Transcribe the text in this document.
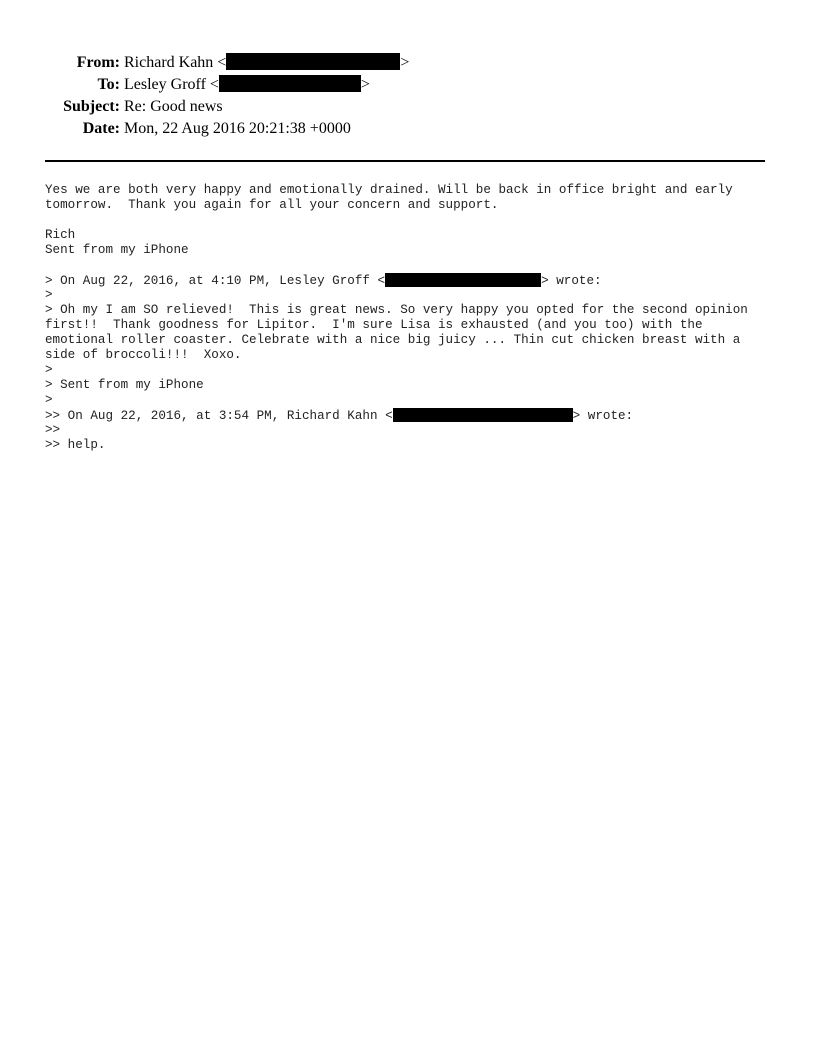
From: Richard Kahn <	>
To: Lesley Groff <	>
Subject: Re: Good news
Date: Mon, 22 Aug 2016 20:21:38 +0000
Yes we are both very happy and emotionally drained. Will be back in office bright and early
tomorrow.  Thank you again for all your concern and support.
Rich
Sent from my iPhone
> On Aug 22, 2016, at 4:10 PM, Lesley Groff <	> wrote:
>
> Oh my I am SO relieved!  This is great news. So very happy you opted for the second opinion
first!!  Thank goodness for Lipitor.  I'm sure Lisa is exhausted (and you too) with the
emotional roller coaster. Celebrate with a nice big juicy ... Thin cut chicken breast with a
side of broccoli!!!  Xoxo.
>
> Sent from my iPhone
>
>> On Aug 22, 2016, at 3:54 PM, Richard Kahn <	> wrote:
>>
>> help.
